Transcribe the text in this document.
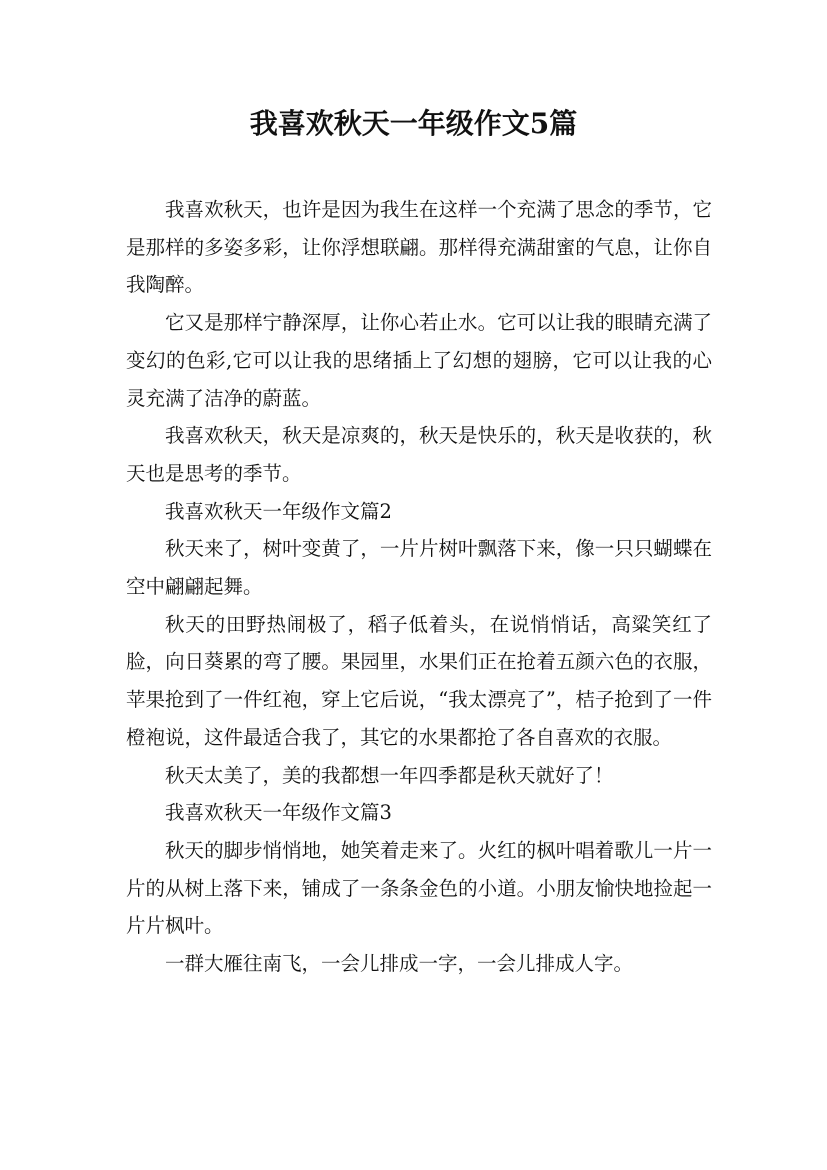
我喜欢秋天一年级作文5篇

我喜欢秋天，也许是因为我生在这样一个充满了思念的季节，它是那样的多姿多彩，让你浮想联翩。那样得充满甜蜜的气息，让你自我陶醉。

它又是那样宁静深厚，让你心若止水。它可以让我的眼睛充满了变幻的色彩,它可以让我的思绪插上了幻想的翅膀，它可以让我的心灵充满了洁净的蔚蓝。

我喜欢秋天，秋天是凉爽的，秋天是快乐的，秋天是收获的，秋天也是思考的季节。

我喜欢秋天一年级作文篇2

秋天来了，树叶变黄了，一片片树叶飘落下来，像一只只蝴蝶在空中翩翩起舞。

秋天的田野热闹极了，稻子低着头，在说悄悄话，高粱笑红了脸，向日葵累的弯了腰。果园里，水果们正在抢着五颜六色的衣服，苹果抢到了一件红袍，穿上它后说，“我太漂亮了”，桔子抢到了一件橙袍说，这件最适合我了，其它的水果都抢了各自喜欢的衣服。

秋天太美了，美的我都想一年四季都是秋天就好了！

我喜欢秋天一年级作文篇3

秋天的脚步悄悄地，她笑着走来了。火红的枫叶唱着歌儿一片一片的从树上落下来，铺成了一条条金色的小道。小朋友愉快地捡起一片片枫叶。

一群大雁往南飞，一会儿排成一字，一会儿排成人字。
